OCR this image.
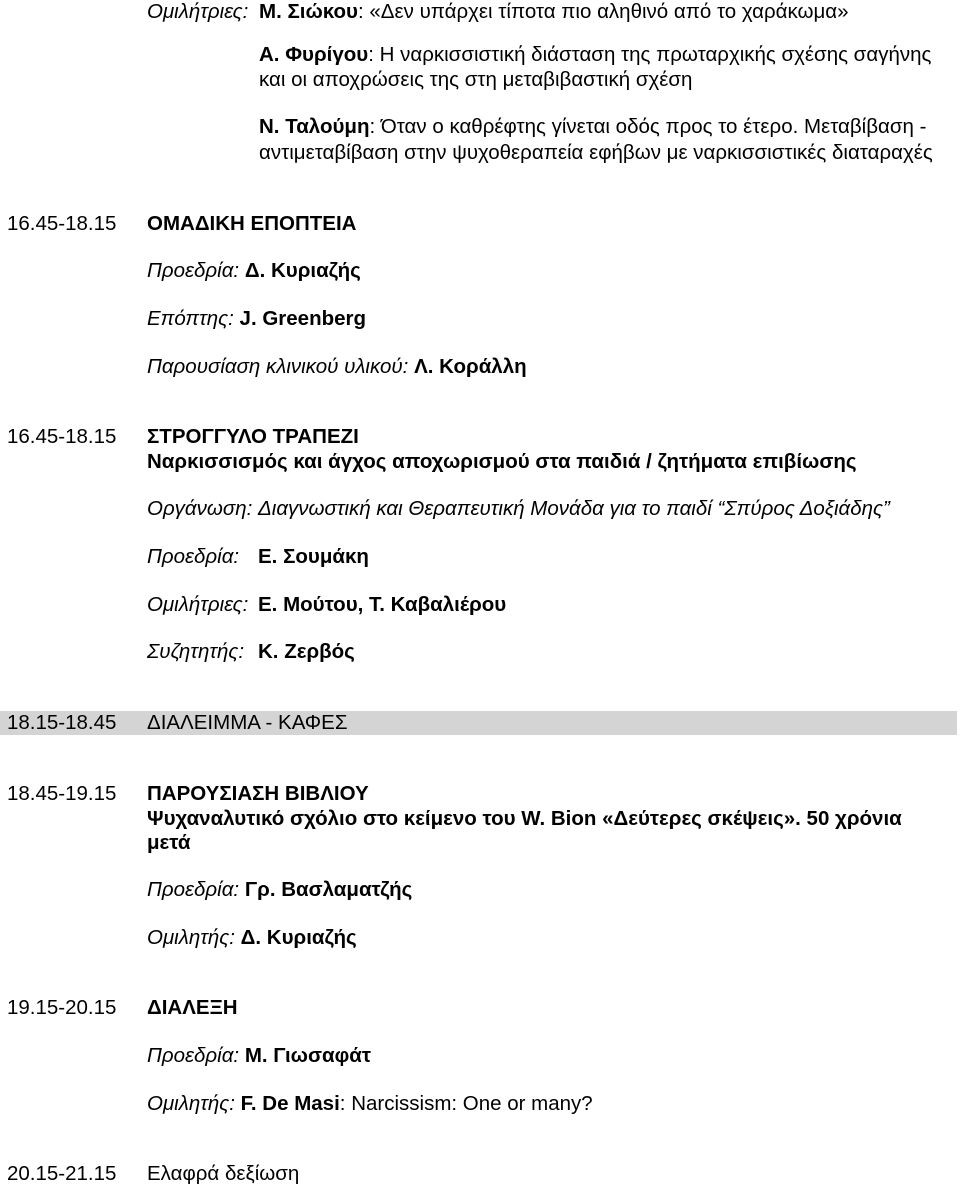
Ομιλήτριες: Μ. Σιώκου: «Δεν υπάρχει τίποτα πιο αληθινό από το χαράκωμα»
Α. Φυρίγου: Η ναρκισσιστική διάσταση της πρωταρχικής σχέσης σαγήνης
και οι αποχρώσεις της στη μεταβιβαστική σχέση
Ν. Ταλούμη: Όταν ο καθρέφτης γίνεται οδός προς το έτερο. Μεταβίβαση -
αντιμεταβίβαση στην ψυχοθεραπεία εφήβων με ναρκισσιστικές διαταραχές
16.45-18.15 ΟΜΑΔΙΚΗ ΕΠΟΠΤΕΙΑ
Προεδρία: Δ. Κυριαζής
Επόπτης: J. Greenberg
Παρουσίαση κλινικού υλικού: Λ. Κοράλλη
16.45-18.15 ΣΤΡΟΓΓΥΛΟ ΤΡΑΠΕΖΙ
Ναρκισσισμός και άγχος αποχωρισμού στα παιδιά / ζητήματα επιβίωσης
Οργάνωση: Διαγνωστική και Θεραπευτική Μονάδα για το παιδί “Σπύρος Δοξιάδης”
Προεδρία: Ε. Σουμάκη
Ομιλήτριες: Ε. Μούτου, Τ. Καβαλιέρου
Συζητητής: Κ. Ζερβός
18.15-18.45 ΔΙΑΛΕΙΜΜΑ - ΚΑΦΕΣ
18.45-19.15 ΠΑΡΟΥΣΙΑΣΗ ΒΙΒΛΙΟΥ
Ψυχαναλυτικό σχόλιο στο κείμενο του W. Bion «Δεύτερες σκέψεις». 50 χρόνια
μετά
Προεδρία: Γρ. Βασλαματζής
Ομιλητής: Δ. Κυριαζής
19.15-20.15 ΔΙΑΛΕΞΗ
Προεδρία: Μ. Γιωσαφάτ
Ομιλητής: F. De Masi: Narcissism: One or many?
20.15-21.15 Ελαφρά δεξίωση
